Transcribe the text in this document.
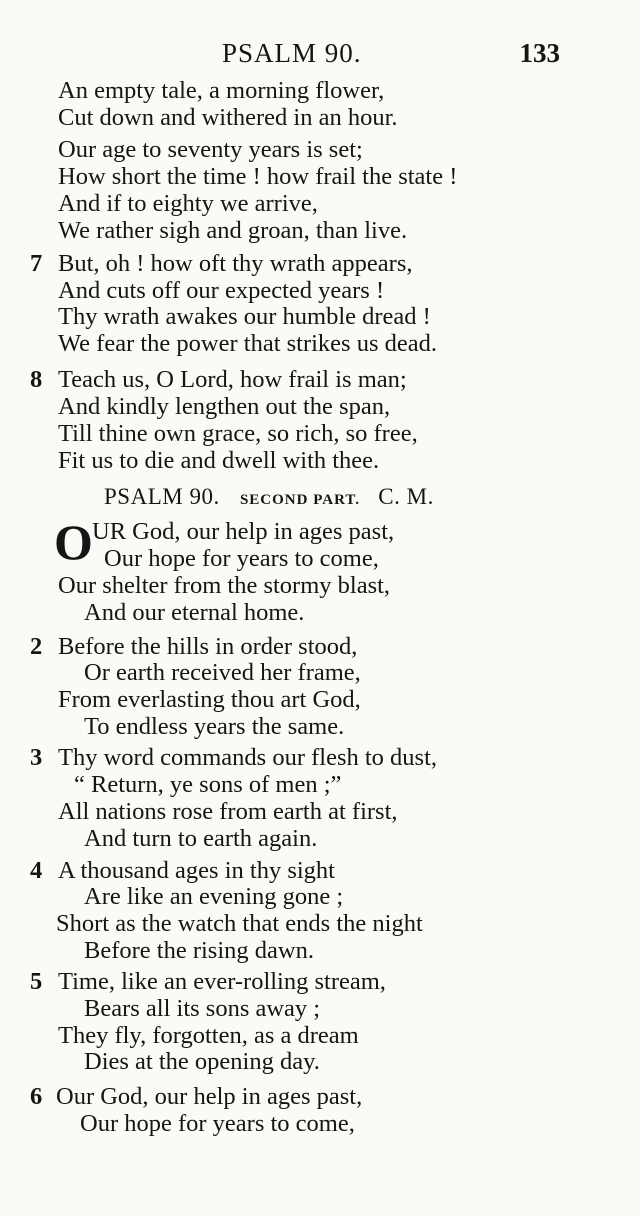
PSALM 90.	133
An empty tale, a morning flower,
Cut down and withered in an hour.
Our age to seventy years is set;
How short the time ! how frail the state !
And if to eighty we arrive,
We rather sigh and groan, than live.
7 But, oh ! how oft thy wrath appears,
And cuts off our expected years !
Thy wrath awakes our humble dread !
We fear the power that strikes us dead.
8 Teach us, O Lord, how frail is man;
And kindly lengthen out the span,
Till thine own grace, so rich, so free,
Fit us to die and dwell with thee.
PSALM 90. SECOND PART. C. M.
O UR God, our help in ages past,
Our hope for years to come,
Our shelter from the stormy blast,
And our eternal home.
2 Before the hills in order stood,
Or earth received her frame,
From everlasting thou art God,
To endless years the same.
3 Thy word commands our flesh to dust,
“ Return, ye sons of men ;”
All nations rose from earth at first,
And turn to earth again.
4 A thousand ages in thy sight
Are like an evening gone ;
Short as the watch that ends the night
Before the rising dawn.
5 Time, like an ever-rolling stream,
Bears all its sons away ;
They fly, forgotten, as a dream
Dies at the opening day.
6 Our God, our help in ages past,
Our hope for years to come,
